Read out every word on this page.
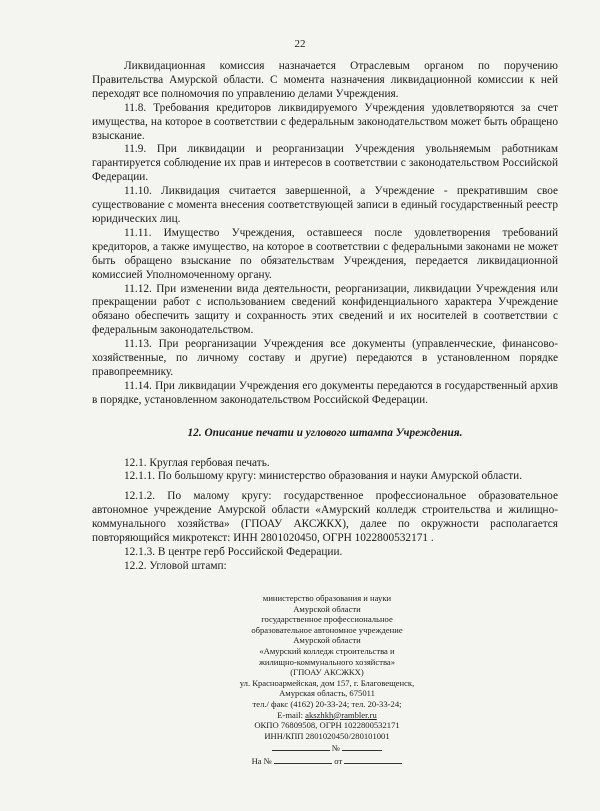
22

Ликвидационная комиссия назначается Отраслевым органом по поручению Правительства Амурской области. С момента назначения ликвидационной комиссии к ней переходят все полномочия по управлению делами Учреждения.

11.8. Требования кредиторов ликвидируемого Учреждения удовлетворяются за счет имущества, на которое в соответствии с федеральным законодательством может быть обращено взыскание.

11.9. При ликвидации и реорганизации Учреждения увольняемым работникам гарантируется соблюдение их прав и интересов в соответствии с законодательством Российской Федерации.

11.10. Ликвидация считается завершенной, а Учреждение - прекратившим свое существование с момента внесения соответствующей записи в единый государственный реестр юридических лиц.

11.11. Имущество Учреждения, оставшееся после удовлетворения требований кредиторов, а также имущество, на которое в соответствии с федеральными законами не может быть обращено взыскание по обязательствам Учреждения, передается ликвидационной комиссией Уполномоченному органу.

11.12. При изменении вида деятельности, реорганизации, ликвидации Учреждения или прекращении работ с использованием сведений конфиденциального характера Учреждение обязано обеспечить защиту и сохранность этих сведений и их носителей в соответствии с федеральным законодательством.

11.13. При реорганизации Учреждения все документы (управленческие, финансово-хозяйственные, по личному составу и другие) передаются в установленном порядке правопреемнику.

11.14. При ликвидации Учреждения его документы передаются в государственный архив в порядке, установленном законодательством Российской Федерации.

12. Описание печати и углового штампа Учреждения.

12.1. Круглая гербовая печать.

12.1.1. По большому кругу: министерство образования и науки Амурской области.

12.1.2. По малому кругу: государственное профессиональное образовательное автономное учреждение Амурской области «Амурский колледж строительства и жилищно-коммунального хозяйства» (ГПОАУ АКСЖКХ), далее по окружности располагается повторяющийся микротекст: ИНН 2801020450, ОГРН 1022800532171 .

12.1.3. В центре герб Российской Федерации.

12.2. Угловой штамп:

министерство образования и науки

Амурской области

государственное профессиональное

образовательное автономное учреждение

Амурской области

«Амурский колледж строительства и

жилищно-коммунального хозяйства»

(ГПОАУ АКСЖКХ)

ул. Красноармейская, дом 157, г. Благовещенск,

Амурская область, 675011

тел./ факс (4162) 20-33-24; тел. 20-33-24;

E-mail: akszhkh@rambler.ru

ОКПО 76809508, ОГРН 1022800532171

ИНН/КПП 2801020450/280101001

№

На №	от
